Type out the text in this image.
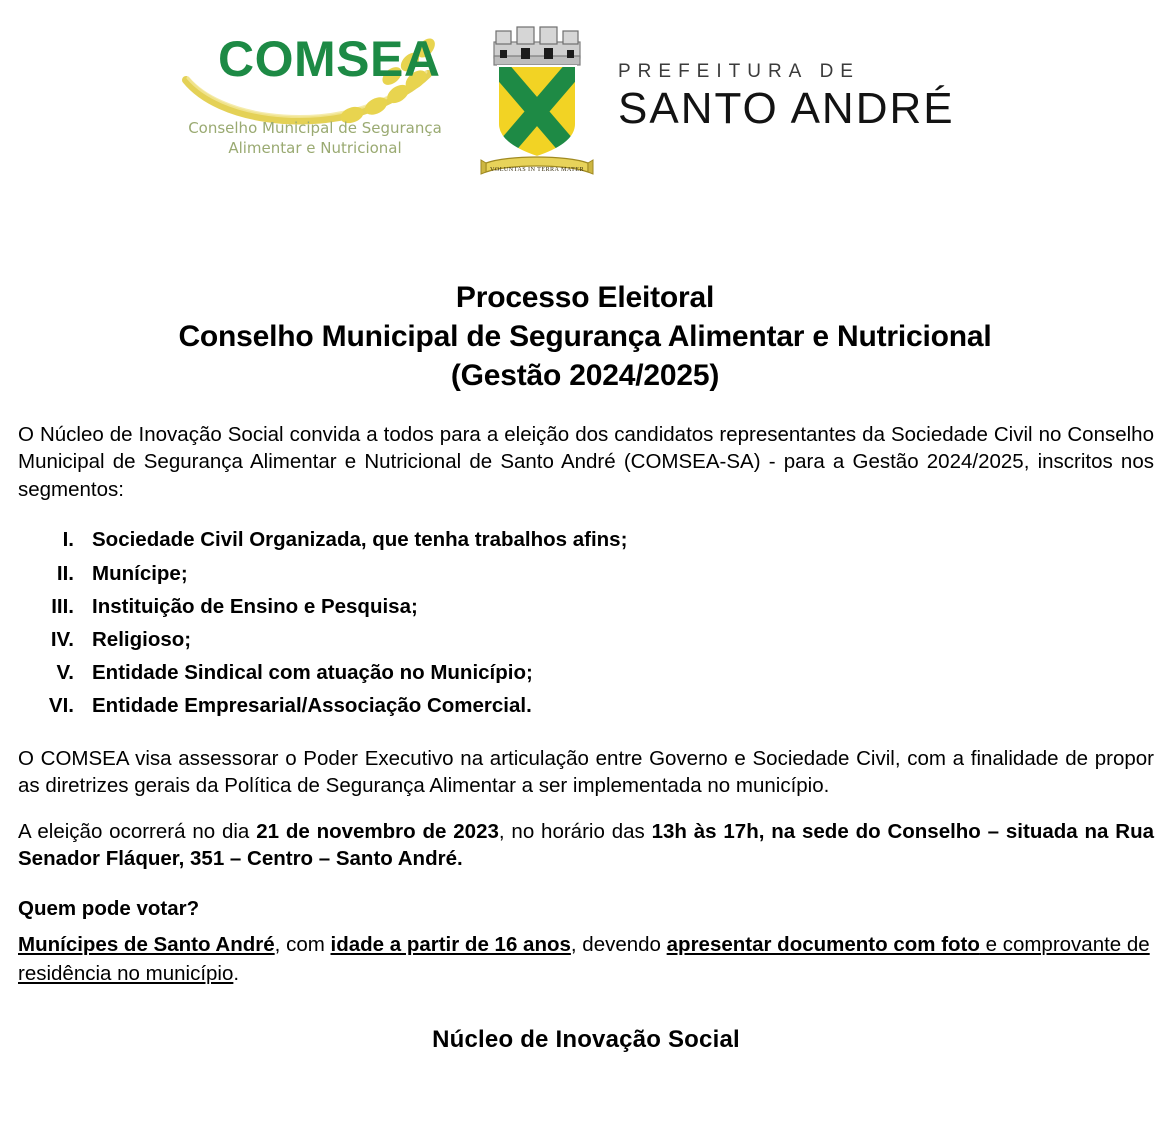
COMSEA
Conselho Municipal de Segurança
Alimentar e Nutricional
VOLUNTAS IN TERRA MATER
PREFEITURA DE
SANTO ANDRÉ
Processo Eleitoral
Conselho Municipal de Segurança Alimentar e Nutricional
(Gestão 2024/2025)

O Núcleo de Inovação Social convida a todos para a eleição dos candidatos representantes da Sociedade Civil no Conselho Municipal de Segurança Alimentar e Nutricional de Santo André (COMSEA-SA) - para a Gestão 2024/2025, inscritos nos segmentos:

I. Sociedade Civil Organizada, que tenha trabalhos afins;
II. Munícipe;
III. Instituição de Ensino e Pesquisa;
IV. Religioso;
V. Entidade Sindical com atuação no Município;
VI. Entidade Empresarial/Associação Comercial.

O COMSEA visa assessorar o Poder Executivo na articulação entre Governo e Sociedade Civil, com a finalidade de propor as diretrizes gerais da Política de Segurança Alimentar a ser implementada no município.

A eleição ocorrerá no dia 21 de novembro de 2023, no horário das 13h às 17h, na sede do Conselho – situada na Rua Senador Fláquer, 351 – Centro – Santo André.

Quem pode votar?

Munícipes de Santo André, com idade a partir de 16 anos, devendo apresentar documento com foto e comprovante de residência no município.

Núcleo de Inovação Social
